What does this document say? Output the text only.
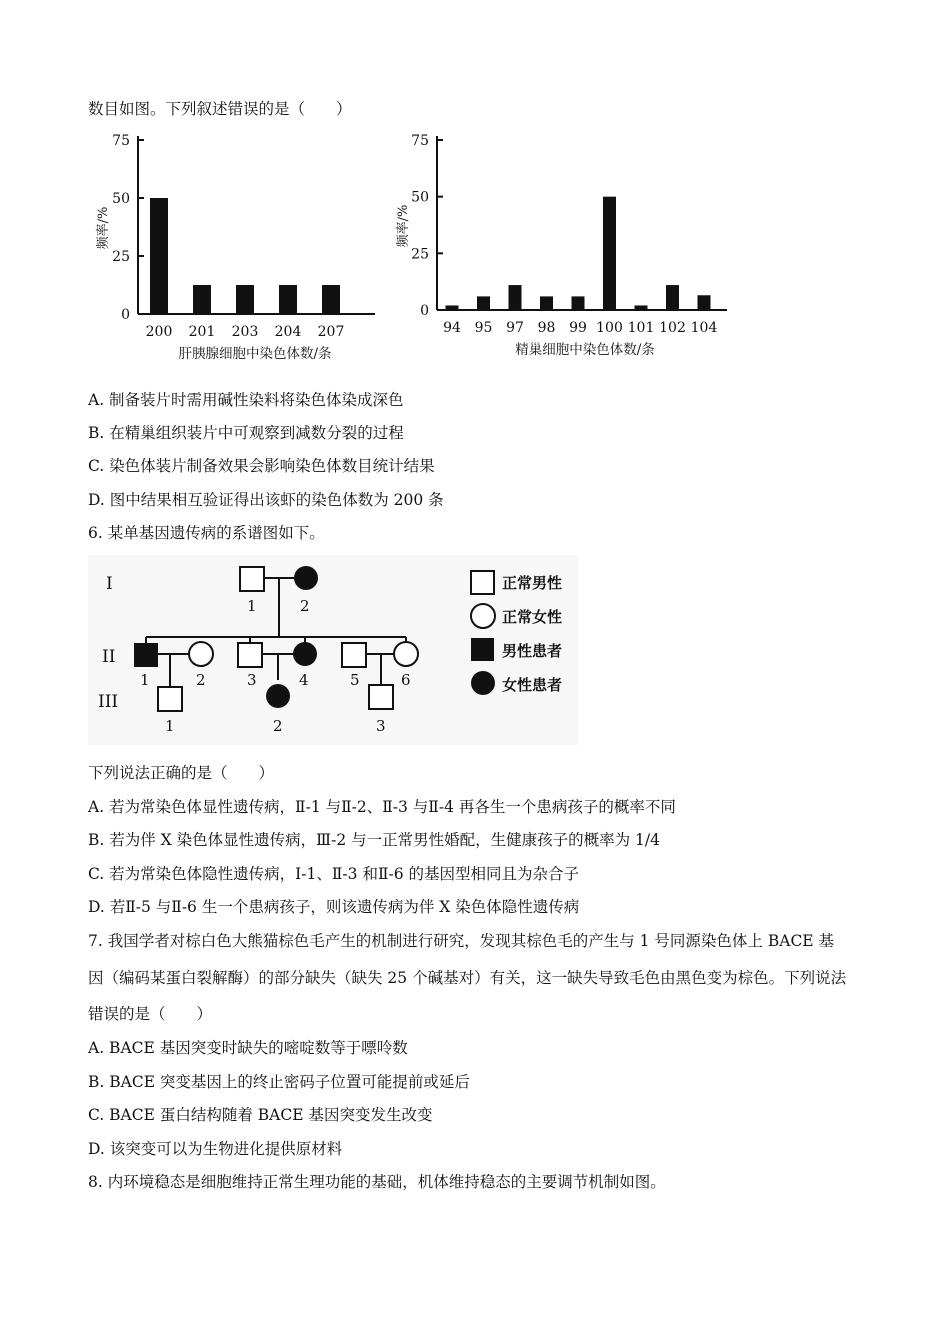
数目如图。下列叙述错误的是（　　）
0
25
50
75
频率/%
200 201 203 204 207
肝胰腺细胞中染色体数/条
0
25
50
75
频率/%
94 95 97 98 99 100 101 102 104
精巢细胞中染色体数/条
A. 制备装片时需用碱性染料将染色体染成深色
B. 在精巢组织装片中可观察到减数分裂的过程
C. 染色体装片制备效果会影响染色体数目统计结果
D. 图中结果相互验证得出该虾的染色体数为 200 条
6. 某单基因遗传病的系谱图如下。
I
II
III
1	2
1	2	3	4	5	6
1	2	3
正常男性
正常女性
男性患者
女性患者
下列说法正确的是（　　）
A. 若为常染色体显性遗传病，Ⅱ-1 与Ⅱ-2、Ⅱ-3 与Ⅱ-4 再各生一个患病孩子的概率不同
B. 若为伴 X 染色体显性遗传病，Ⅲ-2 与一正常男性婚配，生健康孩子的概率为 1/4
C. 若为常染色体隐性遗传病，Ⅰ-1、Ⅱ-3 和Ⅱ-6 的基因型相同且为杂合子
D. 若Ⅱ-5 与Ⅱ-6 生一个患病孩子，则该遗传病为伴 X 染色体隐性遗传病
7. 我国学者对棕白色大熊猫棕色毛产生的机制进行研究，发现其棕色毛的产生与 1 号同源染色体上 BACE 基
因（编码某蛋白裂解酶）的部分缺失（缺失 25 个碱基对）有关，这一缺失导致毛色由黑色变为棕色。下列说法
错误的是（　　）
A. BACE 基因突变时缺失的嘧啶数等于嘌呤数
B. BACE 突变基因上的终止密码子位置可能提前或延后
C. BACE 蛋白结构随着 BACE 基因突变发生改变
D. 该突变可以为生物进化提供原材料
8. 内环境稳态是细胞维持正常生理功能的基础，机体维持稳态的主要调节机制如图。
